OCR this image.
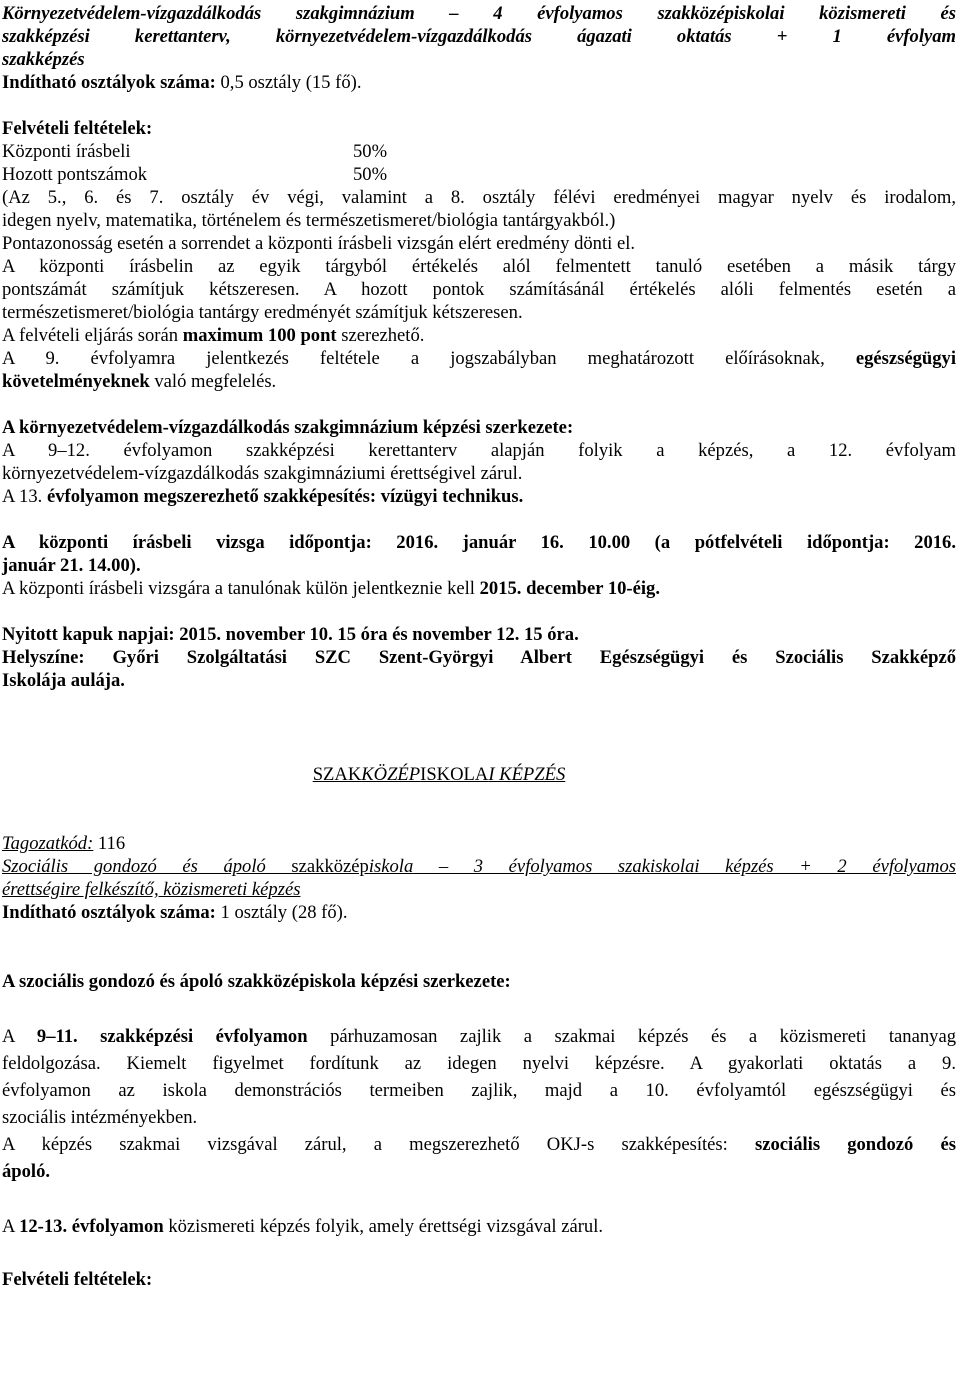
Környezetvédelem-vízgazdálkodás szakgimnázium – 4 évfolyamos szakközépiskolai közismereti és
szakképzési kerettanterv, környezetvédelem-vízgazdálkodás ágazati oktatás + 1 évfolyam
szakképzés
Indítható osztályok száma: 0,5 osztály (15 fő).
Felvételi feltételek:
Központi írásbeli	50%
Hozott pontszámok	50%
(Az 5., 6. és 7. osztály év végi, valamint a 8. osztály félévi eredményei magyar nyelv és irodalom,
idegen nyelv, matematika, történelem és természetismeret/biológia tantárgyakból.)
Pontazonosság esetén a sorrendet a központi írásbeli vizsgán elért eredmény dönti el.
A központi írásbelin az egyik tárgyból értékelés alól felmentett tanuló esetében a másik tárgy
pontszámát számítjuk kétszeresen. A hozott pontok számításánál értékelés alóli felmentés esetén a
természetismeret/biológia tantárgy eredményét számítjuk kétszeresen.
A felvételi eljárás során maximum 100 pont szerezhető.
A 9. évfolyamra jelentkezés feltétele a jogszabályban meghatározott előírásoknak, egészségügyi
követelményeknek való megfelelés.
A környezetvédelem-vízgazdálkodás szakgimnázium képzési szerkezete:
A 9–12. évfolyamon szakképzési kerettanterv alapján folyik a képzés, a 12. évfolyam
környezetvédelem-vízgazdálkodás szakgimnáziumi érettségivel zárul.
A 13. évfolyamon megszerezhető szakképesítés: vízügyi technikus.
A központi írásbeli vizsga időpontja: 2016. január 16. 10.00 (a pótfelvételi időpontja: 2016.
január 21. 14.00).
A központi írásbeli vizsgára a tanulónak külön jelentkeznie kell 2015. december 10-éig.
Nyitott kapuk napjai: 2015. november 10. 15 óra és november 12. 15 óra.
Helyszíne: Győri Szolgáltatási SZC Szent-Györgyi Albert Egészségügyi és Szociális Szakképző
Iskolája aulája.
SZAKKÖZÉPISKOLAI KÉPZÉS
Tagozatkód: 116
Szociális gondozó és ápoló szakközépiskola – 3 évfolyamos szakiskolai képzés + 2 évfolyamos
érettségire felkészítő, közismereti képzés
Indítható osztályok száma: 1 osztály (28 fő).
A szociális gondozó és ápoló szakközépiskola képzési szerkezete:
A 9–11. szakképzési évfolyamon párhuzamosan zajlik a szakmai képzés és a közismereti tananyag
feldolgozása. Kiemelt figyelmet fordítunk az idegen nyelvi képzésre. A gyakorlati oktatás a 9.
évfolyamon az iskola demonstrációs termeiben zajlik, majd a 10. évfolyamtól egészségügyi és
szociális intézményekben.
A képzés szakmai vizsgával zárul, a megszerezhető OKJ-s szakképesítés: szociális gondozó és
ápoló.
A 12-13. évfolyamon közismereti képzés folyik, amely érettségi vizsgával zárul.
Felvételi feltételek:
